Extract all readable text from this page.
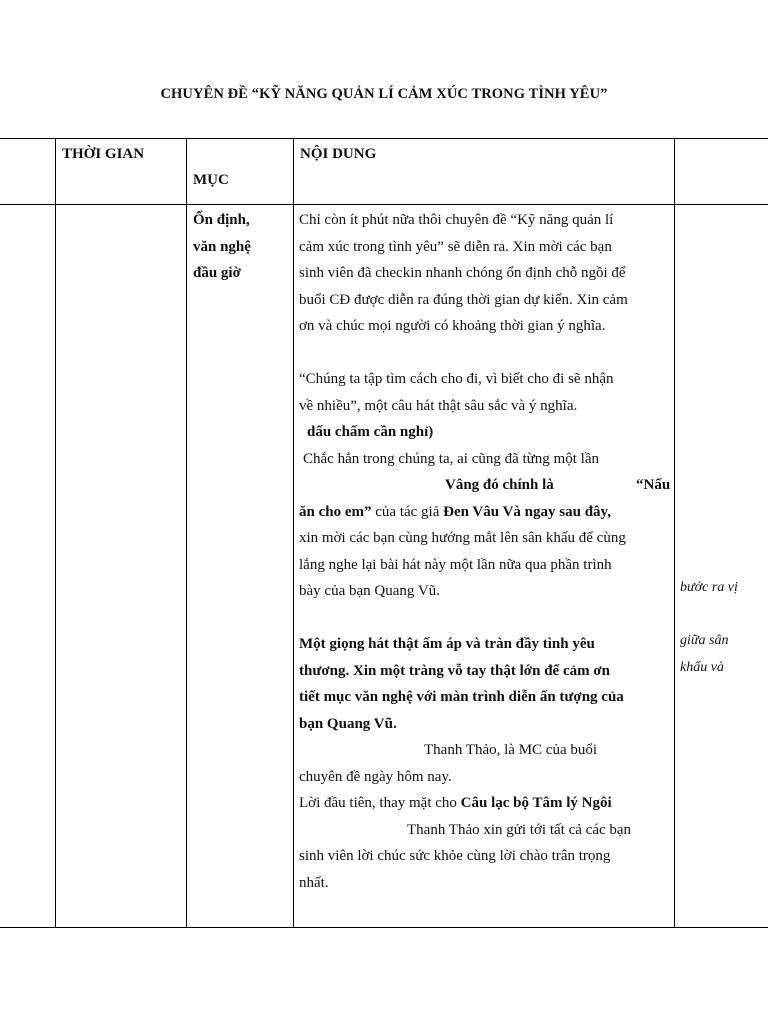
CHUYÊN ĐỀ “KỸ NĂNG QUẢN LÍ CẢM XÚC TRONG TÌNH YÊU”
THỜI GIAN
MỤC
NỘI DUNG
Ổn định,
văn nghệ
đầu giờ
Chỉ còn ít phút nữa thôi chuyên đề “Kỹ năng quản lí
cảm xúc trong tình yêu” sẽ diễn ra. Xin mời các bạn
sinh viên đã checkin nhanh chóng ổn định chỗ ngồi để
buổi CĐ được diễn ra đúng thời gian dự kiến. Xin cảm
ơn và chúc mọi người có khoảng thời gian ý nghĩa.
“Chúng ta tập tìm cách cho đi, vì biết cho đi sẽ nhận
về nhiều”, một câu hát thật sâu sắc và ý nghĩa.
dấu chấm cần nghỉ)
Chắc hẳn trong chúng ta, ai cũng đã từng một lần
Vâng đó chính là	“Nấu
ăn cho em” của tác giả Đen Vâu Và ngay sau đây,
xin mời các bạn cùng hướng mắt lên sân khấu để cùng
lắng nghe lại bài hát này một lần nữa qua phần trình
bày của bạn Quang Vũ.
Một giọng hát thật ấm áp và tràn đầy tình yêu
thương. Xin một tràng vỗ tay thật lớn để cảm ơn
tiết mục văn nghệ với màn trình diễn ấn tượng của
bạn Quang Vũ.
Thanh Thảo, là MC của buổi
chuyên đề ngày hôm nay.
Lời đầu tiên, thay mặt cho Câu lạc bộ Tâm lý Ngôi
Thanh Thảo xin gửi tới tất cả các bạn
sinh viên lời chúc sức khỏe cùng lời chào trân trọng
nhất.
bước ra vị
giữa sân
khấu và
